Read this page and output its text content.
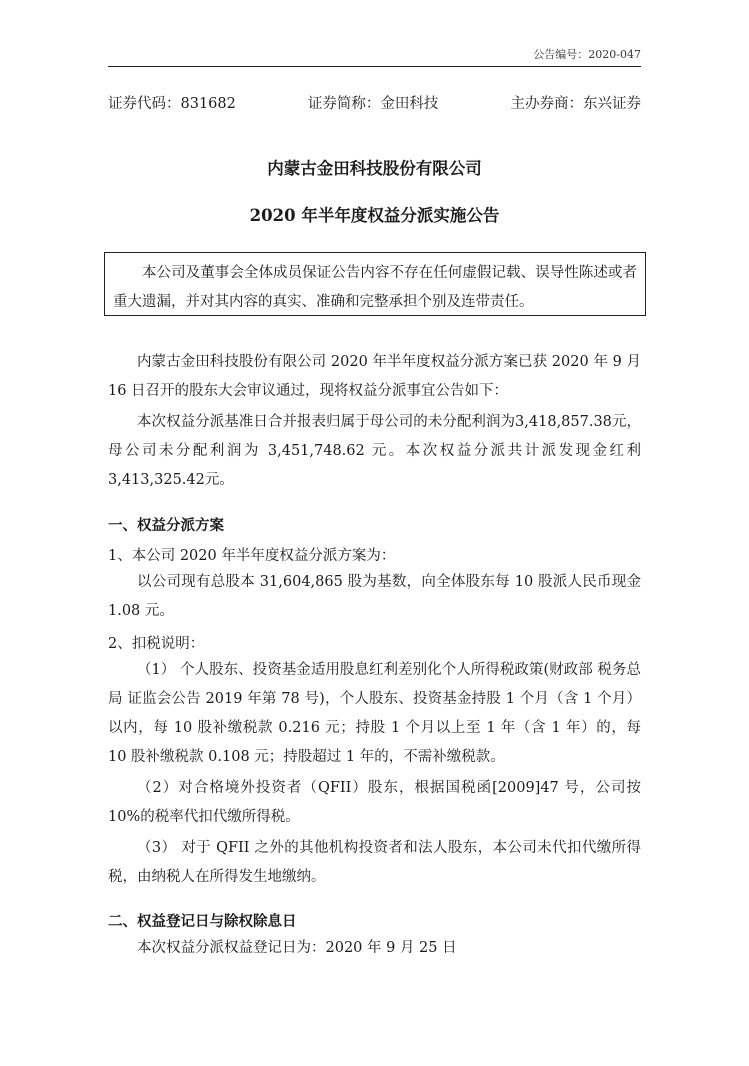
公告编号：2020-047
证券代码：831682	证券简称：金田科技	主办券商：东兴证券
内蒙古金田科技股份有限公司
2020 年半年度权益分派实施公告
本公司及董事会全体成员保证公告内容不存在任何虚假记载、误导性陈述或者重大遗漏，并对其内容的真实、准确和完整承担个别及连带责任。
内蒙古金田科技股份有限公司 2020 年半年度权益分派方案已获 2020 年 9 月 16 日召开的股东大会审议通过，现将权益分派事宜公告如下：
本次权益分派基准日合并报表归属于母公司的未分配利润为3,418,857.38元，母公司未分配利润为 3,451,748.62 元。本次权益分派共计派发现金红利3,413,325.42元。
一、权益分派方案
1、本公司 2020 年半年度权益分派方案为：
以公司现有总股本 31,604,865 股为基数，向全体股东每 10 股派人民币现金 1.08 元。
2、扣税说明：
（1） 个人股东、投资基金适用股息红利差别化个人所得税政策(财政部 税务总局 证监会公告 2019 年第 78 号)，个人股东、投资基金持股 1 个月（含 1 个月）以内，每 10 股补缴税款 0.216 元；持股 1 个月以上至 1 年（含 1 年）的，每 10 股补缴税款 0.108 元；持股超过 1 年的，不需补缴税款。
（2）对合格境外投资者（QFII）股东，根据国税函[2009]47 号，公司按 10%的税率代扣代缴所得税。
（3） 对于 QFII 之外的其他机构投资者和法人股东，本公司未代扣代缴所得税，由纳税人在所得发生地缴纳。
二、权益登记日与除权除息日
本次权益分派权益登记日为：2020 年 9 月 25 日
